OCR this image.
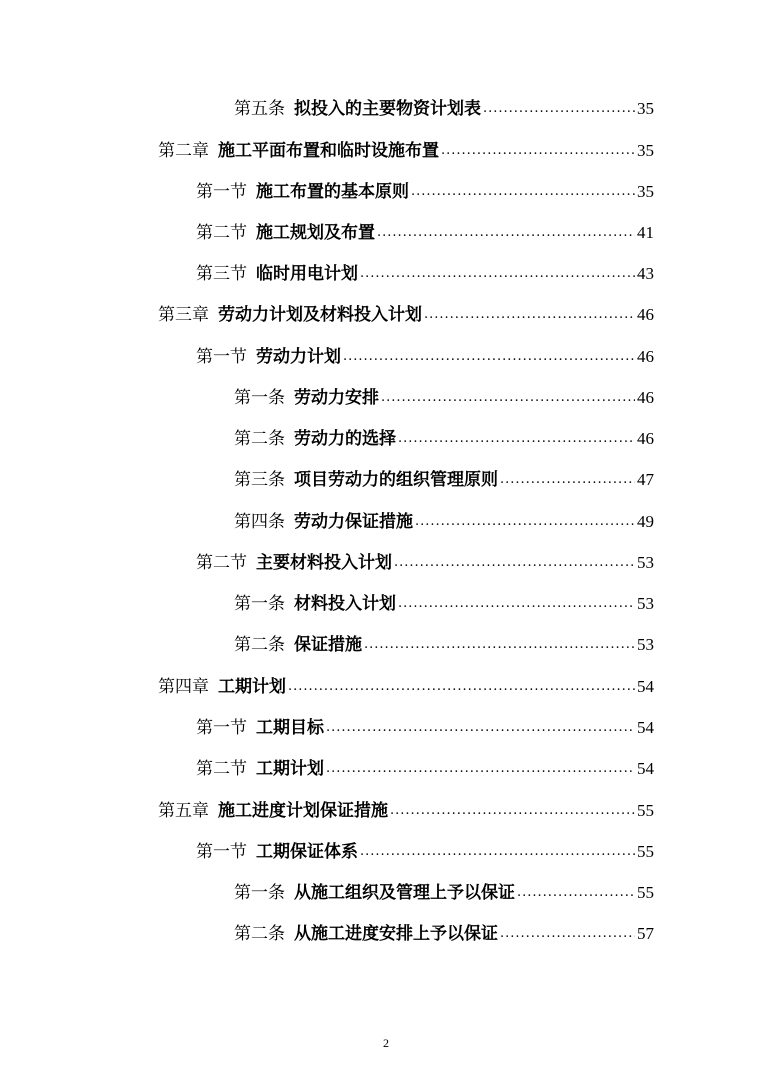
第五条 拟投入的主要物资计划表 .....	35
第二章 施工平面布置和临时设施布置 .....	35
第一节 施工布置的基本原则 .....	35
第二节 施工规划及布置 .....	41
第三节 临时用电计划 .....	43
第三章 劳动力计划及材料投入计划 .....	46
第一节 劳动力计划 .....	46
第一条 劳动力安排 .....	46
第二条 劳动力的选择 .....	46
第三条 项目劳动力的组织管理原则 .....	47
第四条 劳动力保证措施 .....	49
第二节 主要材料投入计划 .....	53
第一条 材料投入计划 .....	53
第二条 保证措施 .....	53
第四章 工期计划 .....	54
第一节 工期目标 .....	54
第二节 工期计划 .....	54
第五章 施工进度计划保证措施 .....	55
第一节 工期保证体系 .....	55
第一条 从施工组织及管理上予以保证 .....	55
第二条 从施工进度安排上予以保证 .....	57
2
